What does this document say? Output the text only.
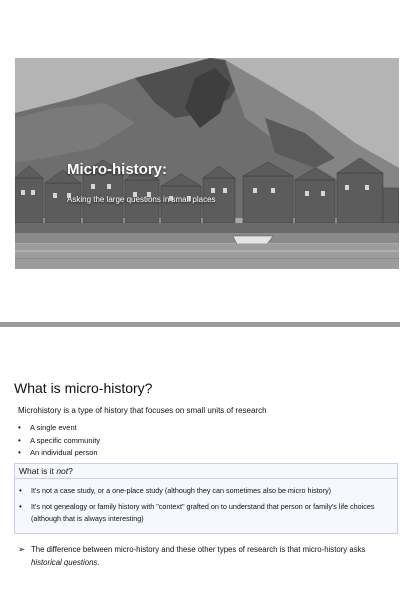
Micro-history:
Asking the large questions in small places
What is micro-history?
Microhistory is a type of history that focuses on small units of research
• A single event
• A specific community
• An individual person
What is it not?
• It's not a case study, or a one-place study (although they can sometimes also be micro history)
• It's not genealogy or family history with "context" grafted on to understand that person or family's life choices (although that is always interesting)
➢ The difference between micro-history and these other types of research is that micro-history asks historical questions.
